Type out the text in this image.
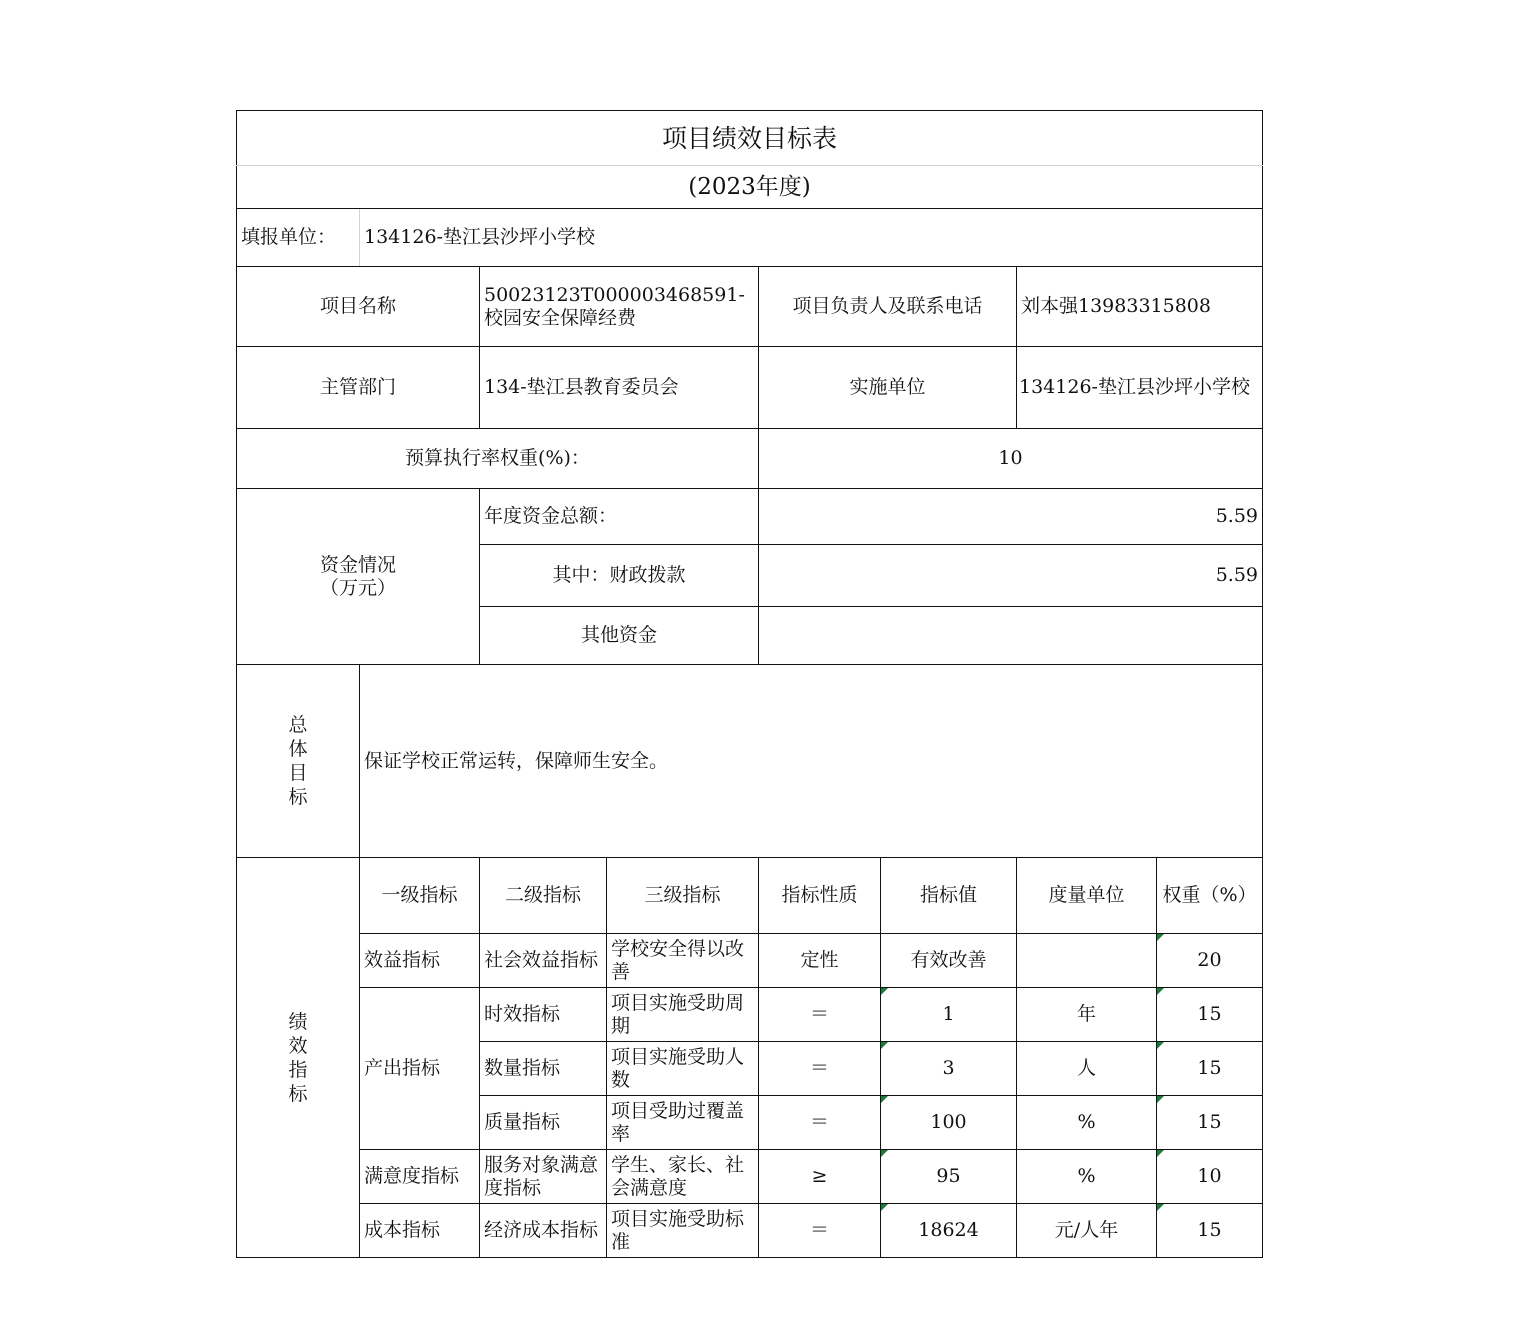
项目绩效目标表							
(2023年度)							
填报单位：	134126-垫江县沙坪小学校						
项目名称		50023123T000003468591-校园安全保障经费		项目负责人及联系电话		刘本强13983315808	
主管部门		134-垫江县教育委员会		实施单位		134126-垫江县沙坪小学校	
预算执行率权重(%)：				10			

资金情况
（万元）		年度资金总额：		5.59			
		其中：财政拨款		5.59			
		其他资金					

总
体
目
标	保证学校正常运转，保障师生安全。						

绩
效
指
标	一级指标	二级指标	三级指标	指标性质	指标值	度量单位	权重（%）
	效益指标	社会效益指标	学校安全得以改善	定性	有效改善		20
	产出指标	时效指标	项目实施受助周期	＝	1	年	15
		数量指标	项目实施受助人数	＝	3	人	15
		质量指标	项目受助过覆盖率	＝	100	%	15
	满意度指标	服务对象满意度指标	学生、家长、社会满意度	≥	95	%	10
	成本指标	经济成本指标	项目实施受助标准	＝	18624	元/人年	15
